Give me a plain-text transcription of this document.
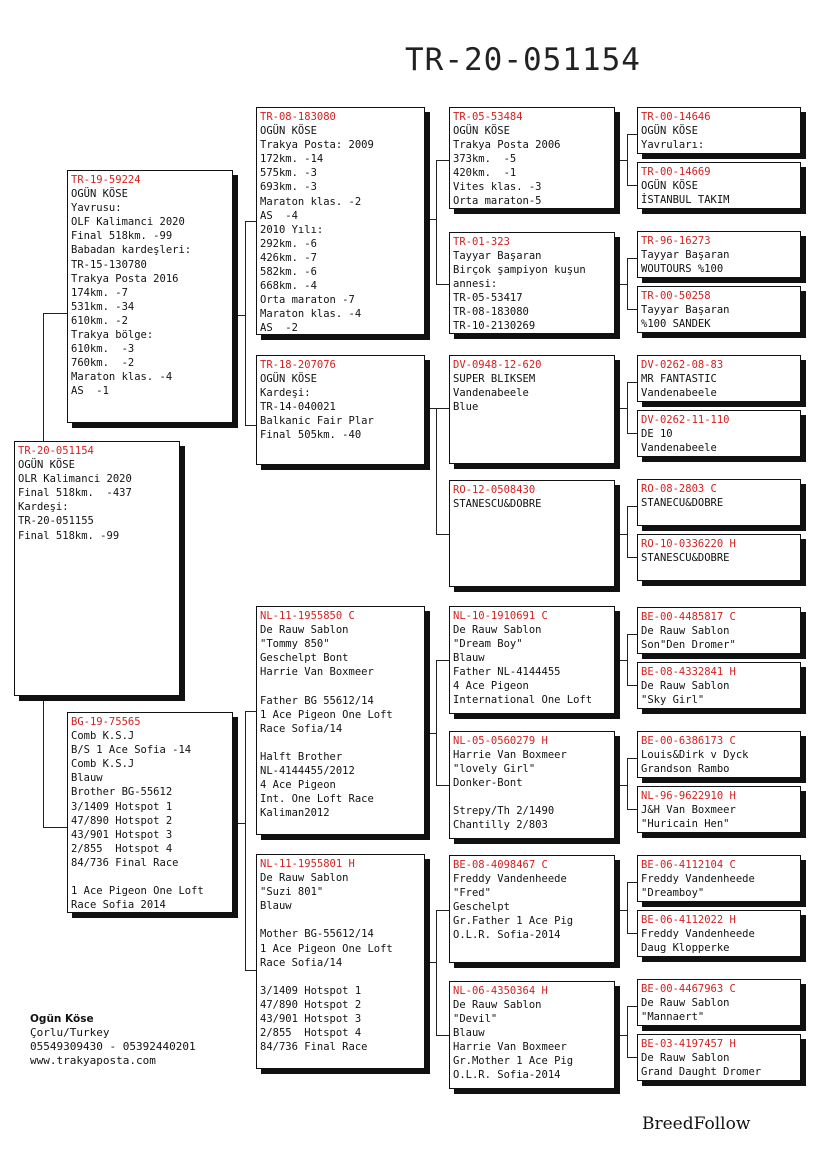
TR-20-051154
TR-20-051154
OGÜN KÖSE
OLR Kalimanci 2020
Final 518km.  -437
Kardeşi:
TR-20-051155
Final 518km. -99
TR-19-59224
OGÜN KÖSE
Yavrusu:
OLF Kalimanci 2020
Final 518km. -99
Babadan kardeşleri:
TR-15-130780
Trakya Posta 2016
174km. -7
531km. -34
610km. -2
Trakya bölge:
610km.  -3
760km.  -2
Maraton klas. -4
AS  -1
BG-19-75565
Comb K.S.J
B/S 1 Ace Sofia -14
Comb K.S.J
Blauw
Brother BG-55612
3/1409 Hotspot 1
47/890 Hotspot 2
43/901 Hotspot 3
2/855  Hotspot 4
84/736 Final Race

1 Ace Pigeon One Loft
Race Sofia 2014
TR-08-183080
OGÜN KÖSE
Trakya Posta: 2009
172km. -14
575km. -3
693km. -3
Maraton klas. -2
AS  -4
2010 Yılı:
292km. -6
426km. -7
582km. -6
668km. -4
Orta maraton -7
Maraton klas. -4
AS  -2
TR-18-207076
OGÜN KÖSE
Kardeşi:
TR-14-040021
Balkanic Fair Plar
Final 505km. -40
NL-11-1955850 C
De Rauw Sablon
"Tommy 850"
Geschelpt Bont
Harrie Van Boxmeer

Father BG 55612/14
1 Ace Pigeon One Loft
Race Sofia/14

Halft Brother
NL-4144455/2012
4 Ace Pigeon
Int. One Loft Race
Kaliman2012
NL-11-1955801 H
De Rauw Sablon
"Suzi 801"
Blauw

Mother BG-55612/14
1 Ace Pigeon One Loft
Race Sofia/14

3/1409 Hotspot 1
47/890 Hotspot 2
43/901 Hotspot 3
2/855  Hotspot 4
84/736 Final Race
TR-05-53484
OGÜN KÖSE
Trakya Posta 2006
373km.  -5
420km.  -1
Vites klas. -3
Orta maraton-5
TR-01-323
Tayyar Başaran
Birçok şampiyon kuşun
annesi:
TR-05-53417
TR-08-183080
TR-10-2130269
DV-0948-12-620
SUPER BLIKSEM
Vandenabeele
Blue
RO-12-0508430
STANESCU&DOBRE
NL-10-1910691 C
De Rauw Sablon
"Dream Boy"
Blauw
Father NL-4144455
4 Ace Pigeon
International One Loft
NL-05-0560279 H
Harrie Van Boxmeer
"lovely Girl"
Donker-Bont

Strepy/Th 2/1490
Chantilly 2/803
BE-08-4098467 C
Freddy Vandenheede
"Fred"
Geschelpt
Gr.Father 1 Ace Pig
O.L.R. Sofia-2014
NL-06-4350364 H
De Rauw Sablon
"Devil"
Blauw
Harrie Van Boxmeer
Gr.Mother 1 Ace Pig
O.L.R. Sofia-2014
TR-00-14646
OGÜN KÖSE
Yavruları:
TR-00-14669
OGÜN KÖSE
İSTANBUL TAKIM
TR-96-16273
Tayyar Başaran
WOUTOURS %100
TR-00-50258
Tayyar Başaran
%100 SANDEK
DV-0262-08-83
MR FANTASTIC
Vandenabeele
DV-0262-11-110
DE 10
Vandenabeele
RO-08-2803 C
STANECU&DOBRE
RO-10-0336220 H
STANESCU&DOBRE
BE-00-4485817 C
De Rauw Sablon
Son"Den Dromer"
BE-08-4332841 H
De Rauw Sablon
"Sky Girl"
BE-00-6386173 C
Louis&Dirk v Dyck
Grandson Rambo
NL-96-9622910 H
J&H Van Boxmeer
"Huricain Hen"
BE-06-4112104 C
Freddy Vandenheede
"Dreamboy"
BE-06-4112022 H
Freddy Vandenheede
Daug Klopperke
BE-00-4467963 C
De Rauw Sablon
"Mannaert"
BE-03-4197457 H
De Rauw Sablon
Grand Daught Dromer
Ogün Köse
Çorlu/Turkey
05549309430 - 05392440201
www.trakyaposta.com
BreedFollow
